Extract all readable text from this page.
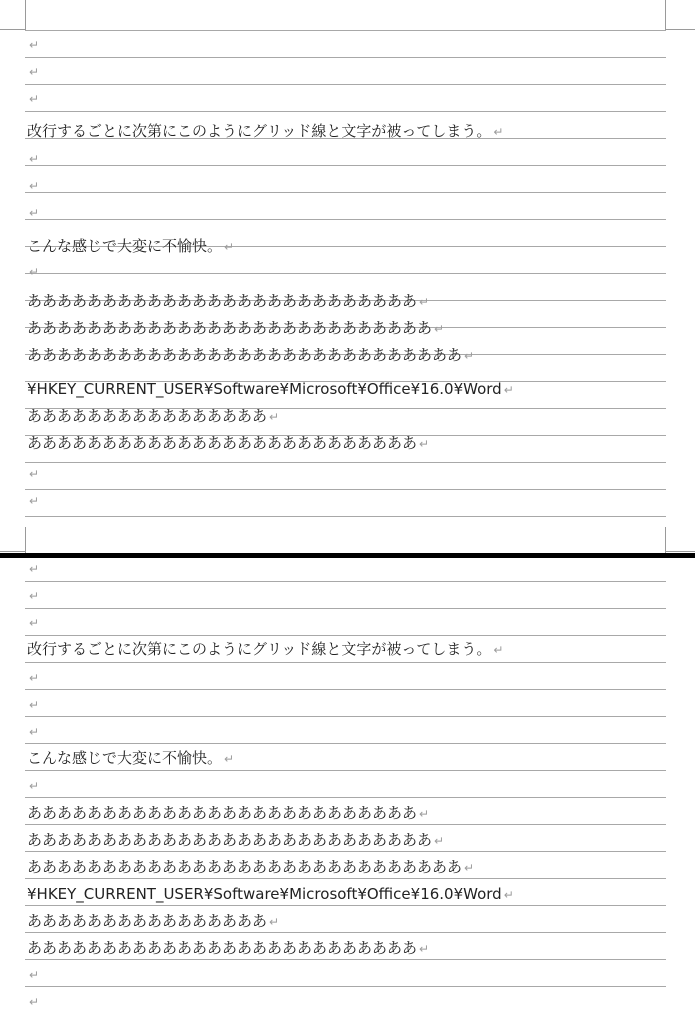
↵
↵
↵
改行するごとに次第にこのようにグリッド線と文字が被ってしまう。 ↵
↵
↵
↵
こんな感じで大変に不愉快。 ↵
↵
ああああああああああああああああああああああああああ ↵
あああああああああああああああああああああああああああ ↵
あああああああああああああああああああああああああああああ ↵
¥HKEY_CURRENT_USER¥Software¥Microsoft¥Office¥16.0¥Word ↵
ああああああああああああああああ ↵
ああああああああああああああああああああああああああ ↵
↵
↵
↵
↵
↵
改行するごとに次第にこのようにグリッド線と文字が被ってしまう。 ↵
↵
↵
↵
こんな感じで大変に不愉快。 ↵
↵
ああああああああああああああああああああああああああ ↵
あああああああああああああああああああああああああああ ↵
あああああああああああああああああああああああああああああ ↵
¥HKEY_CURRENT_USER¥Software¥Microsoft¥Office¥16.0¥Word ↵
ああああああああああああああああ ↵
ああああああああああああああああああああああああああ ↵
↵
↵
